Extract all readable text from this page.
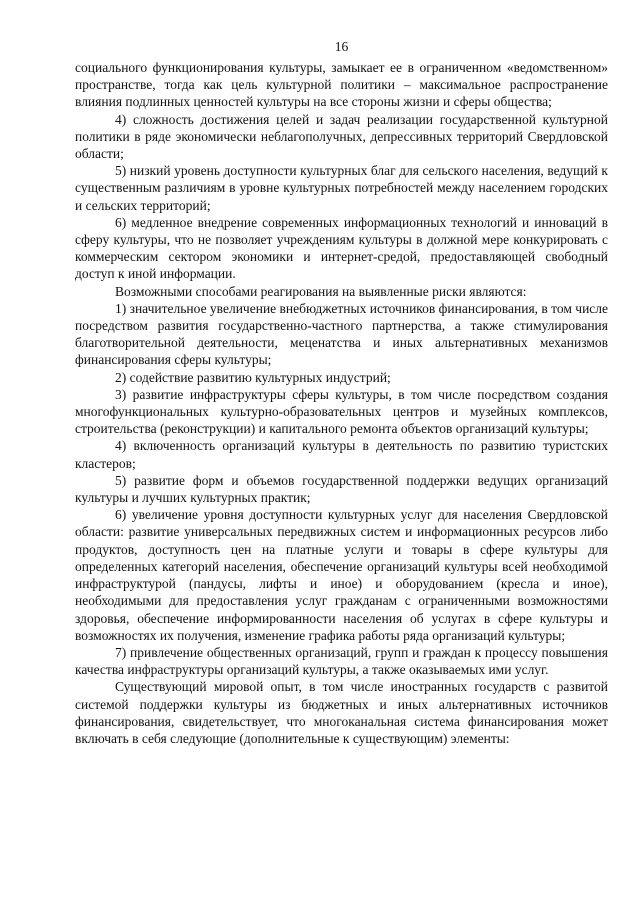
16

социального функционирования культуры, замыкает ее в ограниченном «ведомственном» пространстве, тогда как цель культурной политики – максимальное распространение влияния подлинных ценностей культуры на все стороны жизни и сферы общества;

4) сложность достижения целей и задач реализации государственной культурной политики в ряде экономически неблагополучных, депрессивных территорий Свердловской области;

5) низкий уровень доступности культурных благ для сельского населения, ведущий к существенным различиям в уровне культурных потребностей между населением городских и сельских территорий;

6) медленное внедрение современных информационных технологий и инноваций в сферу культуры, что не позволяет учреждениям культуры в должной мере конкурировать с коммерческим сектором экономики и интернет-средой, предоставляющей свободный доступ к иной информации.

Возможными способами реагирования на выявленные риски являются:

1) значительное увеличение внебюджетных источников финансирования, в том числе посредством развития государственно-частного партнерства, а также стимулирования благотворительной деятельности, меценатства и иных альтернативных механизмов финансирования сферы культуры;

2) содействие развитию культурных индустрий;

3) развитие инфраструктуры сферы культуры, в том числе посредством создания многофункциональных культурно-образовательных центров и музейных комплексов, строительства (реконструкции) и капитального ремонта объектов организаций культуры;

4) включенность организаций культуры в деятельность по развитию туристских кластеров;

5) развитие форм и объемов государственной поддержки ведущих организаций культуры и лучших культурных практик;

6) увеличение уровня доступности культурных услуг для населения Свердловской области: развитие универсальных передвижных систем и информационных ресурсов либо продуктов, доступность цен на платные услуги и товары в сфере культуры для определенных категорий населения, обеспечение организаций культуры всей необходимой инфраструктурой (пандусы, лифты и иное) и оборудованием (кресла и иное), необходимыми для предоставления услуг гражданам с ограниченными возможностями здоровья, обеспечение информированности населения об услугах в сфере культуры и возможностях их получения, изменение графика работы ряда организаций культуры;

7) привлечение общественных организаций, групп и граждан к процессу повышения качества инфраструктуры организаций культуры, а также оказываемых ими услуг.

Существующий мировой опыт, в том числе иностранных государств с развитой системой поддержки культуры из бюджетных и иных альтернативных источников финансирования, свидетельствует, что многоканальная система финансирования может включать в себя следующие (дополнительные к существующим) элементы:
